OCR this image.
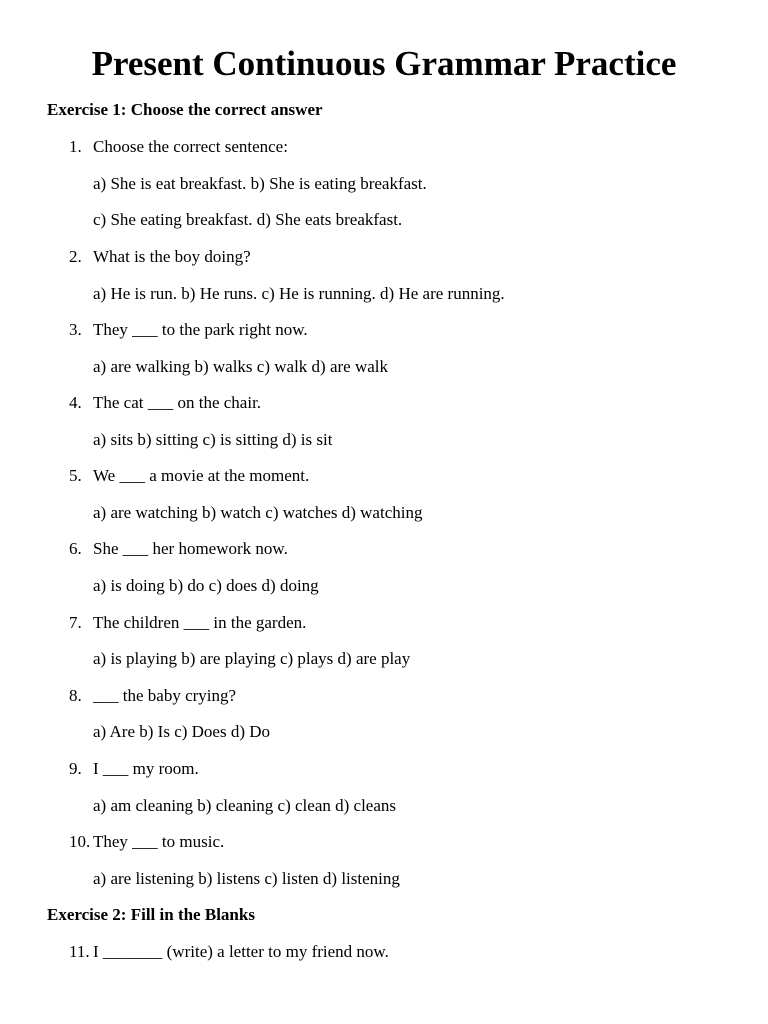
Present Continuous Grammar Practice
Exercise 1: Choose the correct answer
1. Choose the correct sentence:
a) She is eat breakfast. b) She is eating breakfast.
c) She eating breakfast. d) She eats breakfast.
2. What is the boy doing?
a) He is run. b) He runs. c) He is running. d) He are running.
3. They ___ to the park right now.
a) are walking b) walks c) walk d) are walk
4. The cat ___ on the chair.
a) sits b) sitting c) is sitting d) is sit
5. We ___ a movie at the moment.
a) are watching b) watch c) watches d) watching
6. She ___ her homework now.
a) is doing b) do c) does d) doing
7. The children ___ in the garden.
a) is playing b) are playing c) plays d) are play
8. ___ the baby crying?
a) Are b) Is c) Does d) Do
9. I ___ my room.
a) am cleaning b) cleaning c) clean d) cleans
10. They ___ to music.
a) are listening b) listens c) listen d) listening
Exercise 2: Fill in the Blanks
11. I _______ (write) a letter to my friend now.
